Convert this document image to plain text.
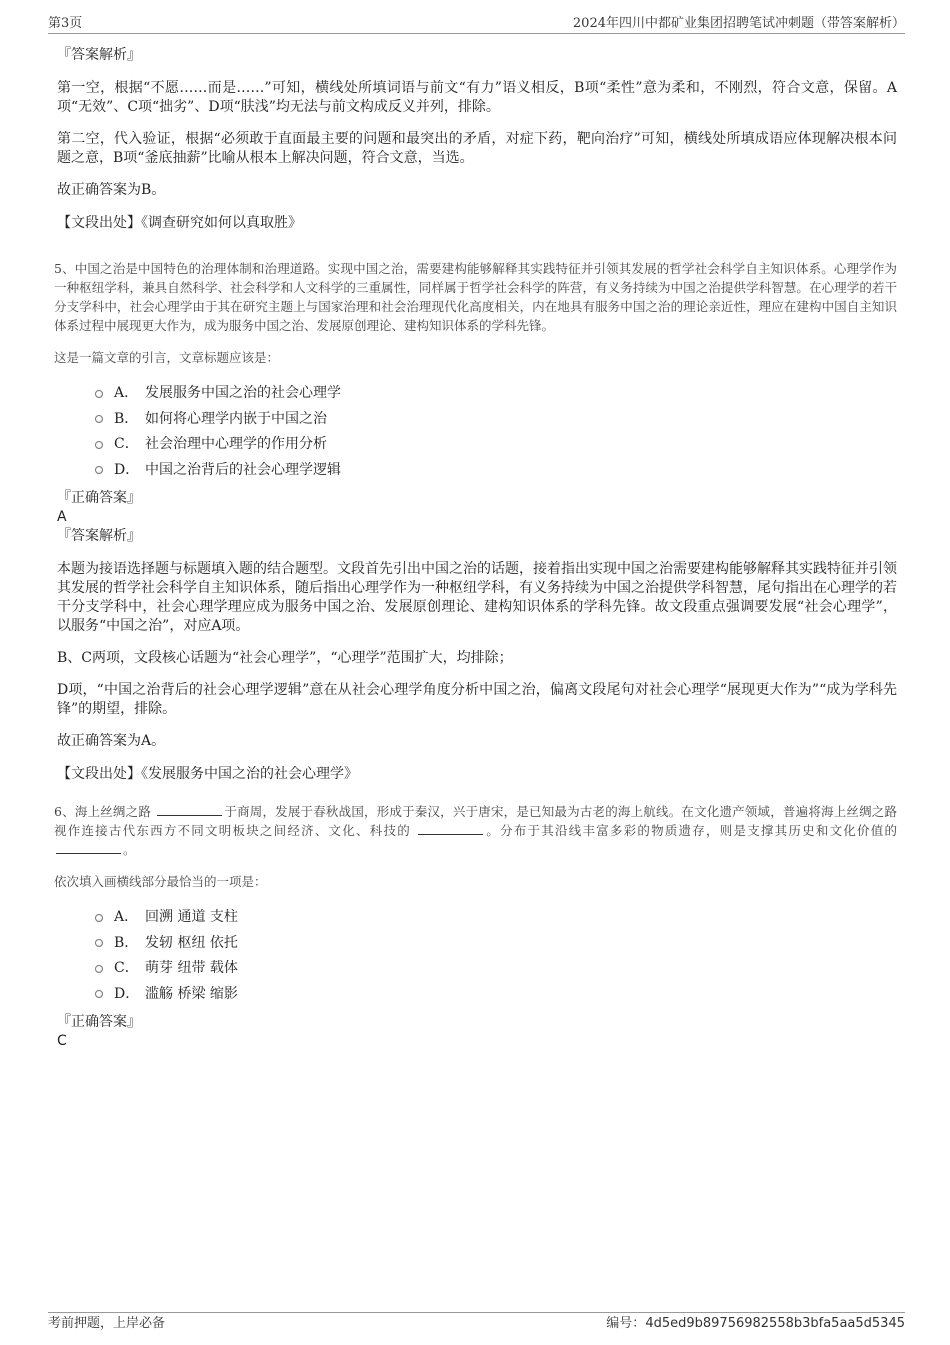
第3页	2024年四川中都矿业集团招聘笔试冲刺题（带答案解析）

『答案解析』

第一空，根据“不愿……而是……”可知，横线处所填词语与前文“有力”语义相反，B项“柔性”意为柔和，不刚烈，符合文意，保留。A项“无效”、C项“拙劣”、D项“肤浅”均无法与前文构成反义并列，排除。

第二空，代入验证，根据“必须敢于直面最主要的问题和最突出的矛盾，对症下药，靶向治疗”可知，横线处所填成语应体现解决根本问题之意，B项“釜底抽薪”比喻从根本上解决问题，符合文意，当选。

故正确答案为B。

【文段出处】《调查研究如何以真取胜》

5、中国之治是中国特色的治理体制和治理道路。实现中国之治，需要建构能够解释其实践特征并引领其发展的哲学社会科学自主知识体系。心理学作为一种枢纽学科，兼具自然科学、社会科学和人文科学的三重属性，同样属于哲学社会科学的阵营，有义务持续为中国之治提供学科智慧。在心理学的若干分支学科中，社会心理学由于其在研究主题上与国家治理和社会治理现代化高度相关，内在地具有服务中国之治的理论亲近性，理应在建构中国自主知识体系过程中展现更大作为，成为服务中国之治、发展原创理论、建构知识体系的学科先锋。
这是一篇文章的引言，文章标题应该是：
A． 发展服务中国之治的社会心理学
B． 如何将心理学内嵌于中国之治
C． 社会治理中心理学的作用分析
D． 中国之治背后的社会心理学逻辑

『正确答案』

A

『答案解析』

本题为接语选择题与标题填入题的结合题型。文段首先引出中国之治的话题，接着指出实现中国之治需要建构能够解释其实践特征并引领其发展的哲学社会科学自主知识体系，随后指出心理学作为一种枢纽学科，有义务持续为中国之治提供学科智慧，尾句指出在心理学的若干分支学科中，社会心理学理应成为服务中国之治、发展原创理论、建构知识体系的学科先锋。故文段重点强调要发展“社会心理学”，以服务“中国之治”，对应A项。

B、C两项，文段核心话题为“社会心理学”，“心理学”范围扩大，均排除；

D项，“中国之治背后的社会心理学逻辑”意在从社会心理学角度分析中国之治，偏离文段尾句对社会心理学“展现更大作为”“成为学科先锋”的期望，排除。

故正确答案为A。

【文段出处】《发展服务中国之治的社会心理学》

6、海上丝绸之路	于商周，发展于春秋战国，形成于秦汉，兴于唐宋，是已知最为古老的海上航线。在文化遗产领域，普遍将海上丝绸之路视作连接古代东西方不同文明板块之间经济、文化、科技的	。分布于其沿线丰富多彩的物质遗存，则是支撑其历史和文化价值的 。
依次填入画横线部分最恰当的一项是：
A． 回溯 通道 支柱
B． 发轫 枢纽 依托
C． 萌芽 纽带 载体
D． 滥觞 桥梁 缩影

『正确答案』

C

考前押题，上岸必备	编号：4d5ed9b89756982558b3bfa5aa5d5345
